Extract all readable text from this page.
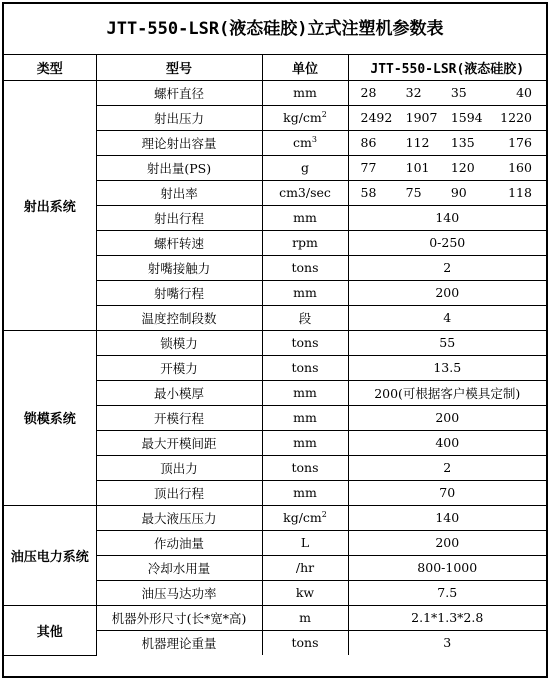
JTT-550-LSR(液态硅胶)立式注塑机参数表
类型	型号	单位	JTT-550-LSR(液态硅胶)
射出系统	螺杆直径	mm	28 32 35 40

	射出压力	$kg/cm^2$	2492 1907 1594 1220

	理论射出容量	$cm^3$	86 112 135 176

	射出量(PS)	g	77 101 120 160

	射出率	cm3/sec	58 75 90 118

	射出行程	mm	140
	螺杆转速	rpm	0-250
	射嘴接触力	tons	2
	射嘴行程	mm	200
	温度控制段数	段	4
锁模系统	锁模力	tons	55
	开模力	tons	13.5
	最小模厚	mm	200(可根据客户模具定制)
	开模行程	mm	200
	最大开模间距	mm	400
	顶出力	tons	2
	顶出行程	mm	70
油压电力系统	最大液压压力	$kg/cm^2$	140
	作动油量	L	200
	冷却水用量	/hr	800-1000
	油压马达功率	kw	7.5
其他	机器外形尺寸(长*宽*高)	m	2.1*1.3*2.8
	机器理论重量	tons	3
